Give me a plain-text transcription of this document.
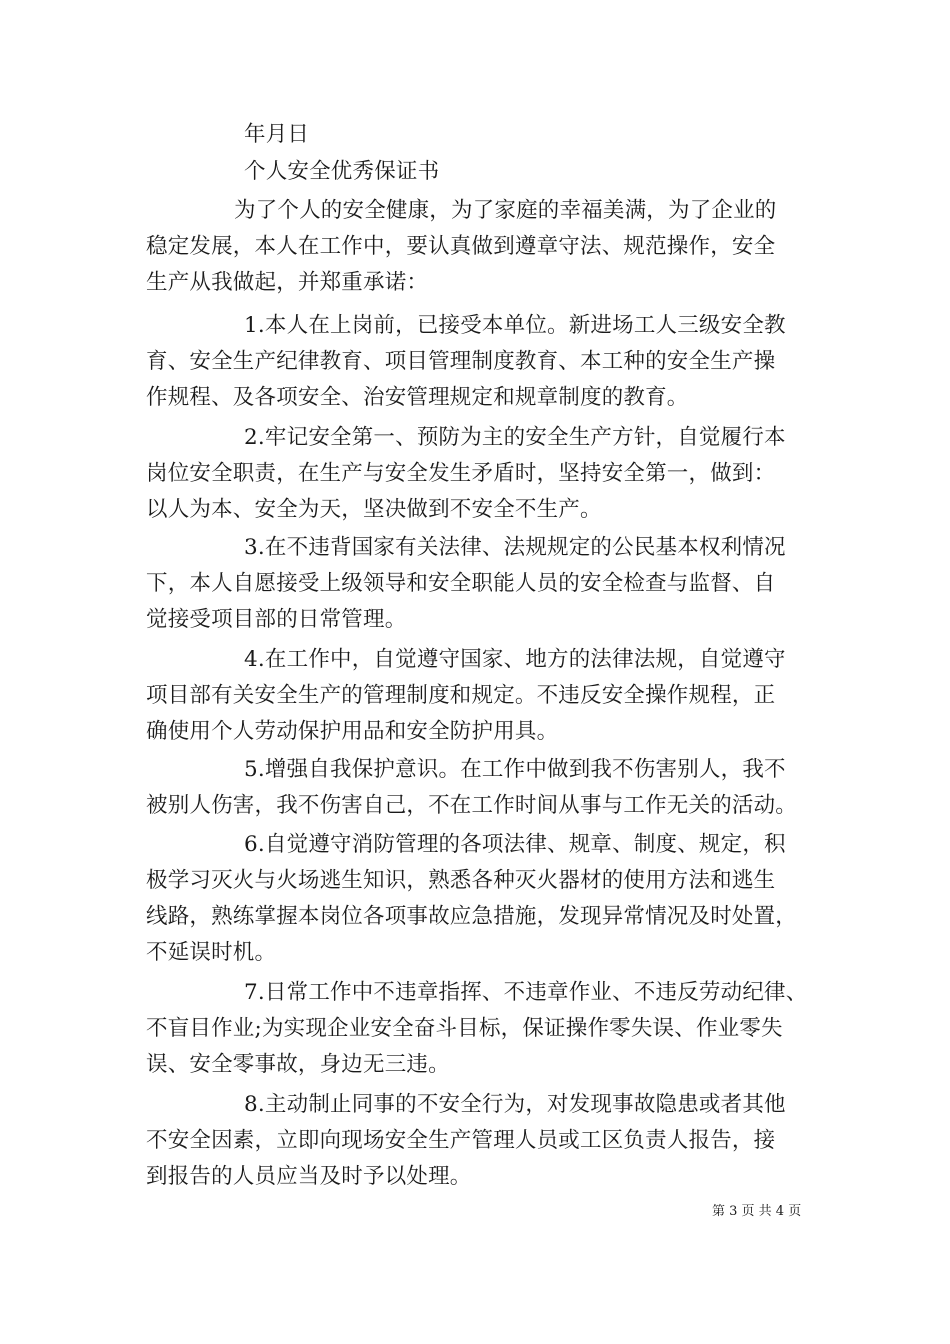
年月日
个人安全优秀保证书
为了个人的安全健康，为了家庭的幸福美满，为了企业的
稳定发展，本人在工作中，要认真做到遵章守法、规范操作，安全
生产从我做起，并郑重承诺：
1.本人在上岗前，已接受本单位。新进场工人三级安全教
育、安全生产纪律教育、项目管理制度教育、本工种的安全生产操
作规程、及各项安全、治安管理规定和规章制度的教育。
2.牢记安全第一、预防为主的安全生产方针，自觉履行本
岗位安全职责，在生产与安全发生矛盾时，坚持安全第一，做到：
以人为本、安全为天，坚决做到不安全不生产。
3.在不违背国家有关法律、法规规定的公民基本权利情况
下，本人自愿接受上级领导和安全职能人员的安全检查与监督、自
觉接受项目部的日常管理。
4.在工作中，自觉遵守国家、地方的法律法规，自觉遵守
项目部有关安全生产的管理制度和规定。不违反安全操作规程，正
确使用个人劳动保护用品和安全防护用具。
5.增强自我保护意识。在工作中做到我不伤害别人，我不
被别人伤害，我不伤害自己，不在工作时间从事与工作无关的活动。
6.自觉遵守消防管理的各项法律、规章、制度、规定，积
极学习灭火与火场逃生知识，熟悉各种灭火器材的使用方法和逃生
线路，熟练掌握本岗位各项事故应急措施，发现异常情况及时处置，
不延误时机。
7.日常工作中不违章指挥、不违章作业、不违反劳动纪律、
不盲目作业;为实现企业安全奋斗目标，保证操作零失误、作业零失
误、安全零事故，身边无三违。
8.主动制止同事的不安全行为，对发现事故隐患或者其他
不安全因素，立即向现场安全生产管理人员或工区负责人报告，接
到报告的人员应当及时予以处理。
第 3 页 共 4 页
